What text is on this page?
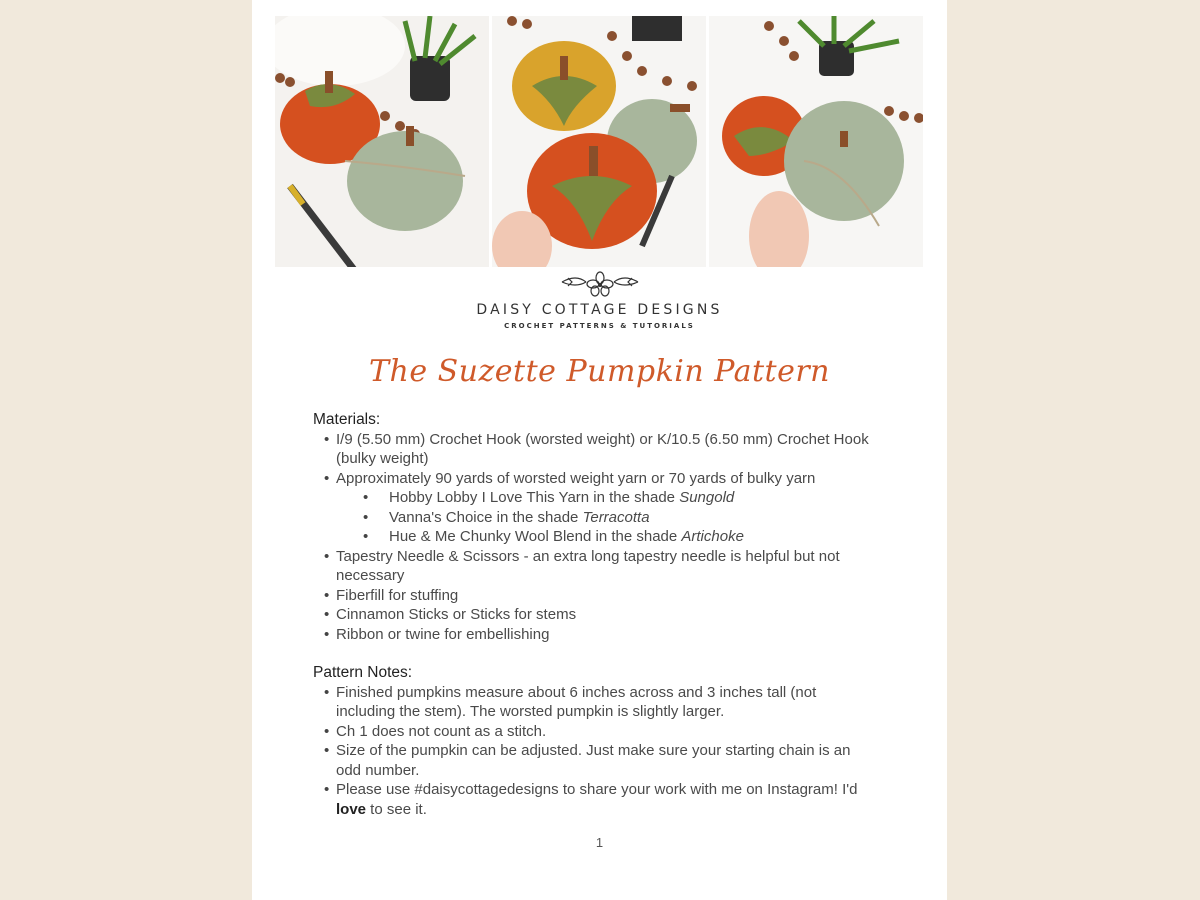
DAISY COTTAGE DESIGNS
CROCHET PATTERNS & TUTORIALS
The Suzette Pumpkin Pattern
Materials:
• I/9 (5.50 mm) Crochet Hook (worsted weight) or K/10.5 (6.50 mm) Crochet Hook (bulky weight)
• Approximately 90 yards of worsted weight yarn or 70 yards of bulky yarn
• Hobby Lobby I Love This Yarn in the shade Sungold
• Vanna's Choice in the shade Terracotta
• Hue & Me Chunky Wool Blend in the shade Artichoke
• Tapestry Needle & Scissors - an extra long tapestry needle is helpful but not necessary
• Fiberfill for stuffing
• Cinnamon Sticks or Sticks for stems
• Ribbon or twine for embellishing
Pattern Notes:
• Finished pumpkins measure about 6 inches across and 3 inches tall (not including the stem). The worsted pumpkin is slightly larger.
• Ch 1 does not count as a stitch.
• Size of the pumpkin can be adjusted. Just make sure your starting chain is an odd number.
• Please use #daisycottagedesigns to share your work with me on Instagram! I'd love to see it.
1
